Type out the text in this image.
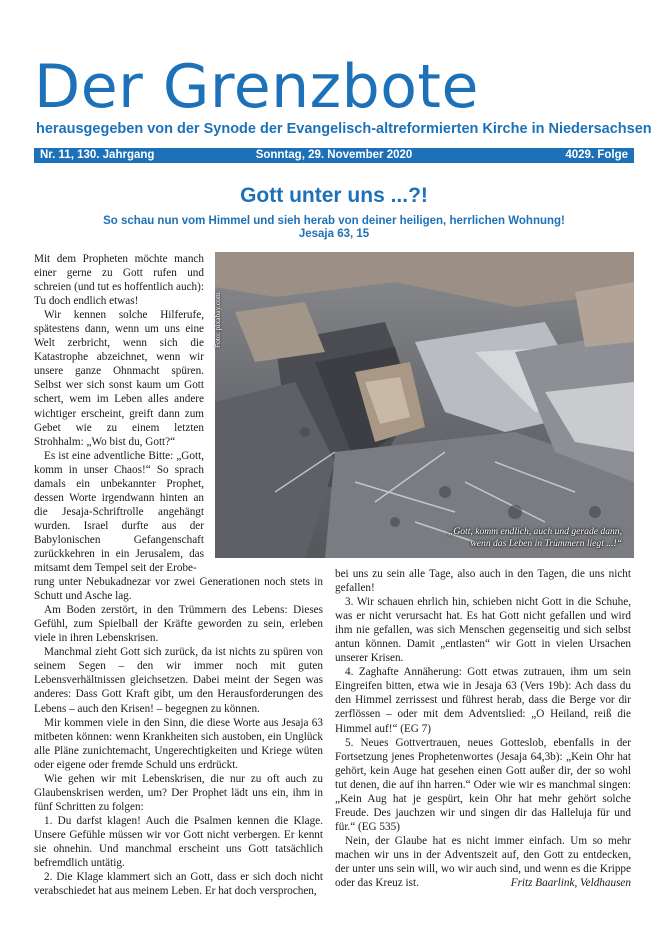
Der Grenzbote
herausgegeben von der Synode der Evangelisch-altreformierten Kirche in Niedersachsen
Sonntag, 29. November 2020
Nr. 11, 130. Jahrgang	4029. Folge
Gott unter uns ...?!
So schau nun vom Himmel und sieh herab von deiner heiligen, herrlichen Wohnung!
Jesaja 63, 15

Mit dem Propheten möchte manch einer gerne zu Gott rufen und schreien (und tut es hoffentlich auch): Tu doch endlich etwas!

Wir kennen solche Hilferufe, spätestens dann, wenn um uns eine Welt zerbricht, wenn sich die Katastrophe abzeichnet, wenn wir unsere ganze Ohnmacht spüren. Selbst wer sich sonst kaum um Gott schert, wem im Leben alles andere wichtiger erscheint, greift dann zum Gebet wie zu einem letzten Strohhalm: „Wo bist du, Gott?“

Es ist eine adventliche Bitte: „Gott, komm in unser Chaos!“ So sprach damals ein unbekannter Prophet, dessen Worte irgendwann hinten an die Jesaja-Schriftrolle angehängt wurden. Israel durfte aus der Babylonischen Gefangenschaft zurückkehren in ein Jerusalem, das mitsamt dem Tempel seit der Erobe-

rung unter Nebukadnezar vor zwei Generationen noch stets in Schutt und Asche lag.

Am Boden zerstört, in den Trümmern des Lebens: Dieses Gefühl, zum Spielball der Kräfte geworden zu sein, erleben viele in ihren Lebenskrisen.

Manchmal zieht Gott sich zurück, da ist nichts zu spüren von seinem Segen – den wir immer noch mit guten Lebensverhältnissen gleichsetzen. Dabei meint der Segen was anderes: Dass Gott Kraft gibt, um den Herausforderungen des Lebens – auch den Krisen! – begegnen zu können.

Mir kommen viele in den Sinn, die diese Worte aus Jesaja 63 mitbeten können: wenn Krankheiten sich austoben, ein Unglück alle Pläne zunichtemacht, Ungerechtigkeiten und Kriege wüten oder eigene oder fremde Schuld uns erdrückt.

Wie gehen wir mit Lebenskrisen, die nur zu oft auch zu Glaubenskrisen werden, um? Der Prophet lädt uns ein, ihm in fünf Schritten zu folgen:

1. Du darfst klagen! Auch die Psalmen kennen die Klage. Unsere Gefühle müssen wir vor Gott nicht verbergen. Er kennt sie ohnehin. Und manchmal erscheint uns Gott tatsächlich befremdlich untätig.

2. Die Klage klammert sich an Gott, dass er sich doch nicht verabschiedet hat aus meinem Leben. Er hat doch versprochen,

„Gott, komm endlich, auch und gerade dann,
wenn das Leben in Trümmern liegt ...!“
Foto: pixabay.com

bei uns zu sein alle Tage, also auch in den Tagen, die uns nicht gefallen!

3. Wir schauen ehrlich hin, schieben nicht Gott in die Schuhe, was er nicht verursacht hat. Es hat Gott nicht gefallen und wird ihm nie gefallen, was sich Menschen gegenseitig und sich selbst antun können. Damit „entlasten“ wir Gott in vielen Ursachen unserer Krisen.

4. Zaghafte Annäherung: Gott etwas zutrauen, ihm um sein Eingreifen bitten, etwa wie in Jesaja 63 (Vers 19b): Ach dass du den Himmel zerrissest und führest herab, dass die Berge vor dir zerflössen – oder mit dem Adventslied: „O Heiland, reiß die Himmel auf!“ (EG 7)

5. Neues Gottvertrauen, neues Gotteslob, ebenfalls in der Fortsetzung jenes Prophetenwortes (Jesaja 64,3b): „Kein Ohr hat gehört, kein Auge hat gesehen einen Gott außer dir, der so wohl tut denen, die auf ihn harren.“ Oder wie wir es manchmal singen: „Kein Aug hat je gespürt, kein Ohr hat mehr gehört solche Freude. Des jauchzen wir und singen dir das Halleluja für und für.“ (EG 535)

Nein, der Glaube hat es nicht immer einfach. Um so mehr machen wir uns in der Adventszeit auf, den Gott zu entdecken, der unter uns sein will, wo wir auch sind, und wenn es die Krippe oder das Kreuz ist.	Fritz Baarlink, Veldhausen
